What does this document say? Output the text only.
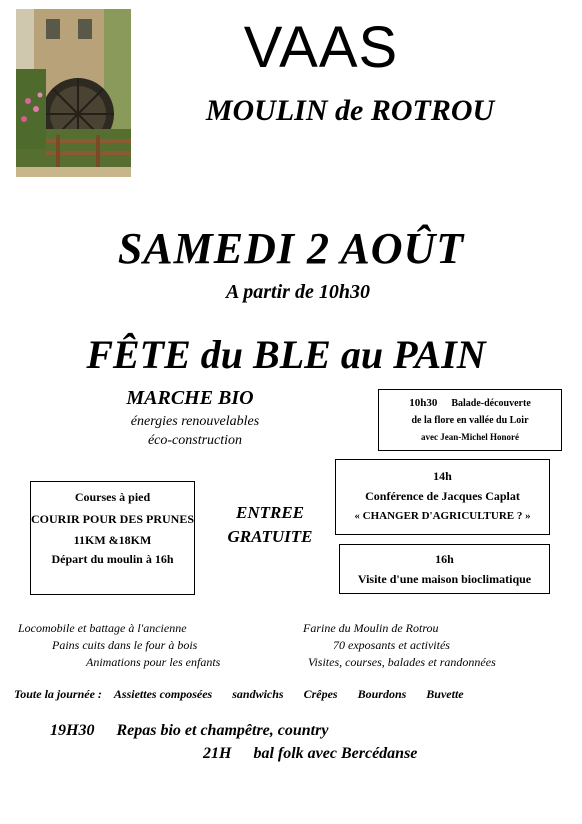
VAAS
MOULIN de ROTROU
SAMEDI 2 AOÛT
A partir de 10h30
FÊTE du BLE au PAIN
MARCHE BIO
énergies renouvelables
éco-construction
10h30 Balade-découverte
de la flore en vallée du Loir
avec Jean-Michel Honoré
14h
Conférence de Jacques Caplat
« CHANGER D'AGRICULTURE ? »
Courses à pied
COURIR POUR DES PRUNES
11KM &18KM
Départ du moulin à 16h
ENTREE
GRATUITE
16h
Visite d'une maison bioclimatique
Locomobile et battage à l'ancienne
Pains cuits dans le four à bois
Animations pour les enfants
Farine du Moulin de Rotrou
70 exposants et activités
Visites, courses, balades et randonnées
Toute la journée : Assiettes composées sandwichs Crêpes Bourdons Buvette
19H30 Repas bio et champêtre, country
21H bal folk avec Bercédanse
